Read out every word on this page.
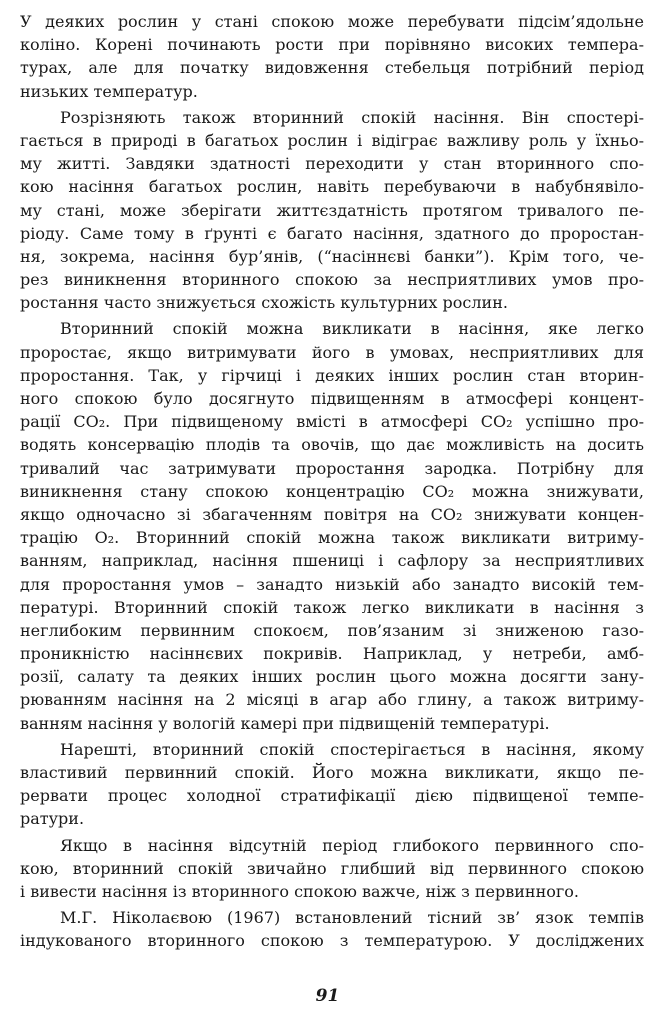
У деяких рослин у стані спокою може перебувати підсім’ядольне
коліно. Корені починають рости при порівняно високих темпера-
турах, але для початку видовження стебельця потрібний період
низьких температур.
Розрізняють також вторинний спокій насіння. Він спостері-
гається в природі в багатьох рослин і відіграє важливу роль у їхньо-
му житті. Завдяки здатності переходити у стан вторинного спо-
кою насіння багатьох рослин, навіть перебуваючи в набубнявіло-
му стані, може зберігати життєздатність протягом тривалого пе-
ріоду. Саме тому в ґрунті є багато насіння, здатного до проростан-
ня, зокрема, насіння бур’янів, (“насіннєві банки”). Крім того, че-
рез виникнення вторинного спокою за несприятливих умов про-
ростання часто знижується схожість культурних рослин.
Вторинний спокій можна викликати в насіння, яке легко
проростає, якщо витримувати його в умовах, несприятливих для
проростання. Так, у гірчиці і деяких інших рослин стан вторин-
ного спокою було досягнуто підвищенням в атмосфері концент-
рації CO₂. При підвищеному вмісті в атмосфері CO₂ успішно про-
водять консервацію плодів та овочів, що дає можливість на досить
тривалий час затримувати проростання зародка. Потрібну для
виникнення стану спокою концентрацію CO₂ можна знижувати,
якщо одночасно зі збагаченням повітря на CO₂ знижувати концен-
трацію O₂. Вторинний спокій можна також викликати витриму-
ванням, наприклад, насіння пшениці і сафлору за несприятливих
для проростання умов – занадто низькій або занадто високій тем-
пературі. Вторинний спокій також легко викликати в насіння з
неглибоким первинним спокоєм, пов’язаним зі зниженою газо-
проникністю насіннєвих покривів. Наприклад, у нетреби, амб-
розії, салату та деяких інших рослин цього можна досягти зану-
рюванням насіння на 2 місяці в агар або глину, а також витриму-
ванням насіння у вологій камері при підвищеній температурі.
Нарешті, вторинний спокій спостерігається в насіння, якому
властивий первинний спокій. Його можна викликати, якщо пе-
рервати процес холодної стратифікації дією підвищеної темпе-
ратури.
Якщо в насіння відсутній період глибокого первинного спо-
кою, вторинний спокій звичайно глибший від первинного спокою
і вивести насіння із вторинного спокою важче, ніж з первинного.
М.Г. Ніколаєвою (1967) встановлений тісний зв’ язок темпів
індукованого вторинного спокою з температурою. У досліджених
91
